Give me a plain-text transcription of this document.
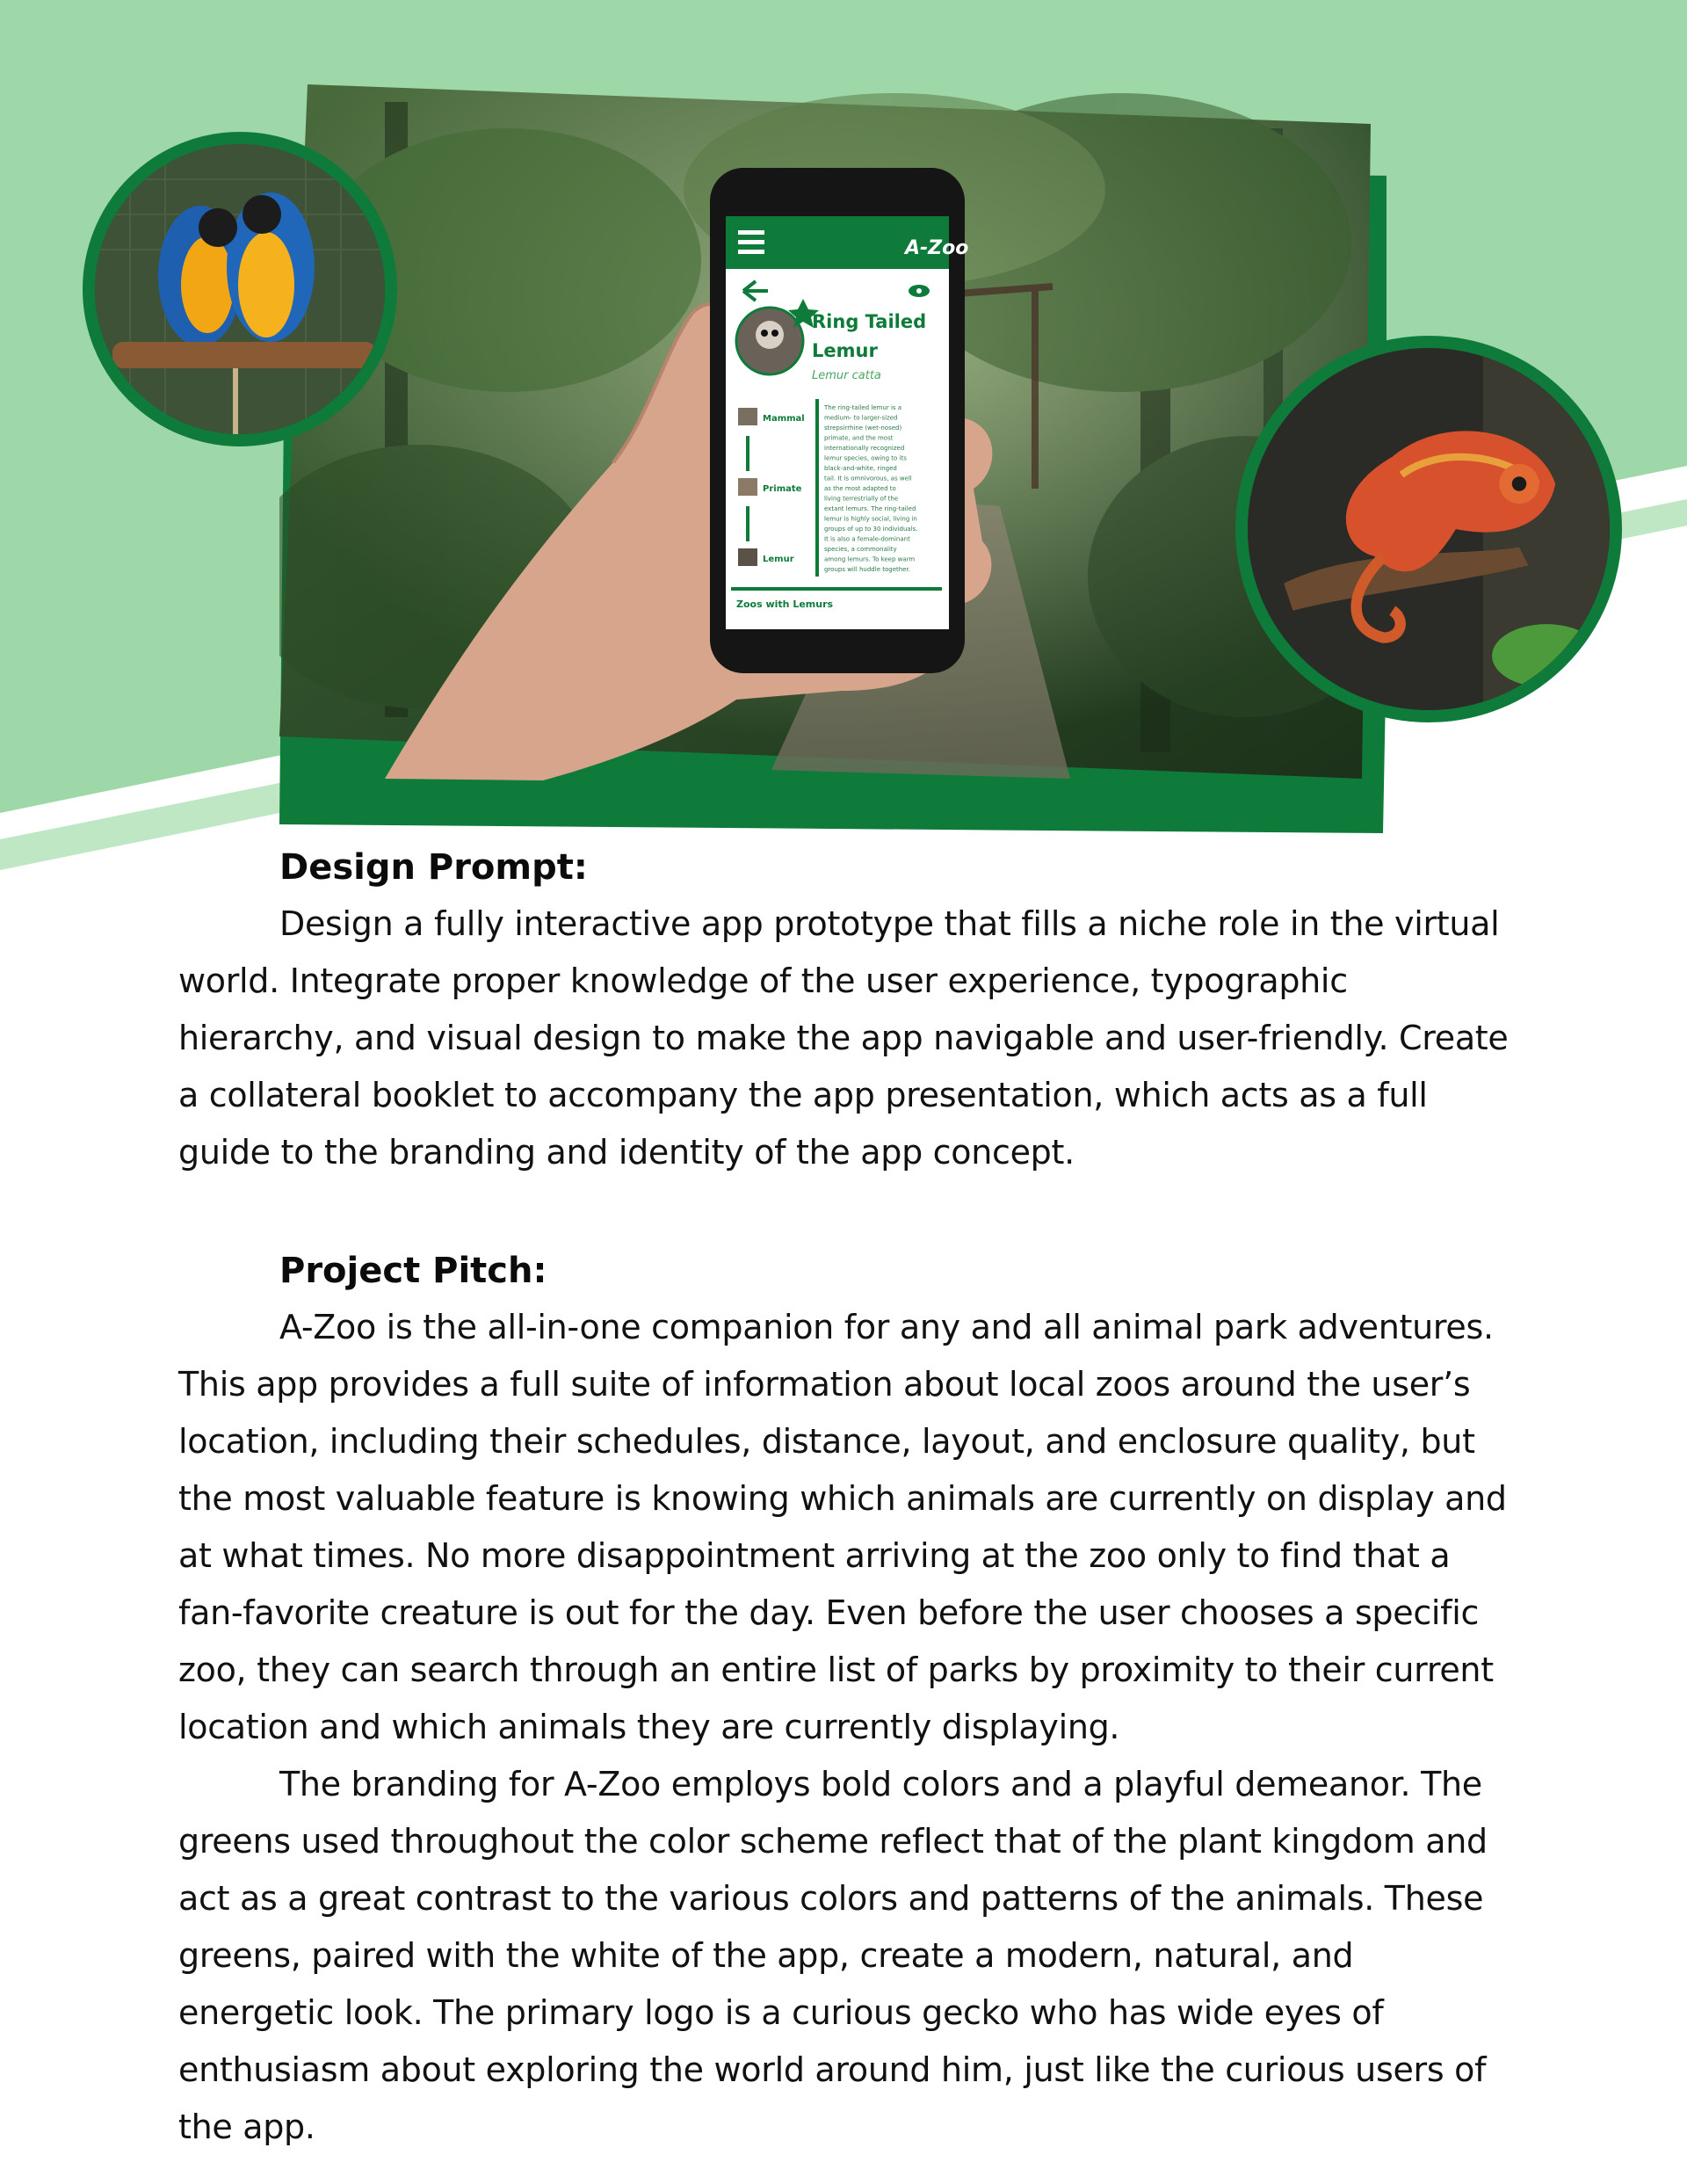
A-Zoo
Ring Tailed
Lemur
Lemur catta
Mammal
Primate
Lemur
The ring-tailed lemur is a
medium- to larger-sized
strepsirrhine (wet-nosed)
primate, and the most
internationally recognized
lemur species, owing to its
black-and-white, ringed
tail. It is omnivorous, as well
as the most adapted to
living terrestrially of the
extant lemurs. The ring-tailed
lemur is highly social, living in
groups of up to 30 individuals.
It is also a female-dominant
species, a commonality
among lemurs. To keep warm
groups will huddle together.
Zoos with Lemurs

Design Prompt:

Design a fully interactive app prototype that fills a niche role in the virtual world. Integrate proper knowledge of the user experience, typographic hierarchy, and visual design to make the app navigable and user-friendly. Create a collateral booklet to accompany the app presentation, which acts as a full guide to the branding and identity of the app concept.

Project Pitch:

A-Zoo is the all-in-one companion for any and all animal park adventures. This app provides a full suite of information about local zoos around the user’s location, including their schedules, distance, layout, and enclosure quality, but the most valuable feature is knowing which animals are currently on display and at what times. No more disappointment arriving at the zoo only to find that a fan-favorite creature is out for the day. Even before the user chooses a specific zoo, they can search through an entire list of parks by proximity to their current location and which animals they are currently displaying.

The branding for A-Zoo employs bold colors and a playful demeanor. The greens used throughout the color scheme reflect that of the plant kingdom and act as a great contrast to the various colors and patterns of the animals. These greens, paired with the white of the app, create a modern, natural, and energetic look. The primary logo is a curious gecko who has wide eyes of enthusiasm about exploring the world around him, just like the curious users of the app.
